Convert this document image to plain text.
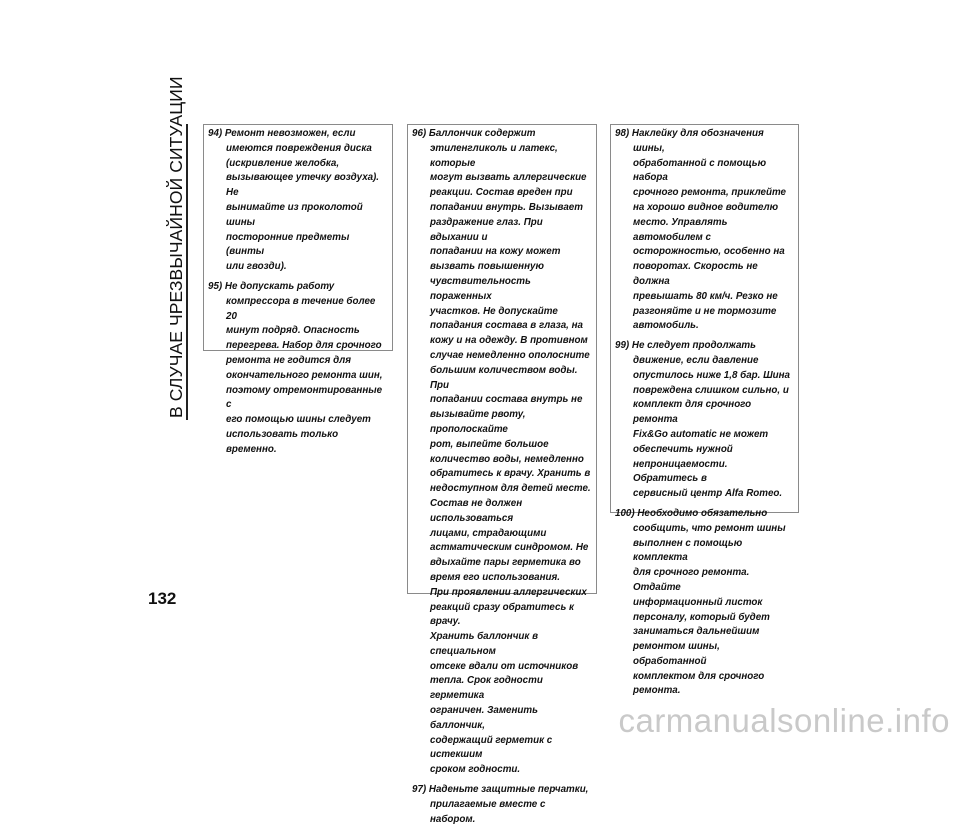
В СЛУЧАЕ ЧРЕЗВЫЧАЙНОЙ СИТУАЦИИ
132
94) Ремонт невозможен, если
имеются повреждения диска
(искривление желобка,
вызывающее утечку воздуха). Не
вынимайте из проколотой шины
посторонние предметы (винты
или гвозди).
95) Не допускать работу
компрессора в течение более 20
минут подряд. Опасность
перегрева. Набор для срочного
ремонта не годится для
окончательного ремонта шин,
поэтому отремонтированные с
его помощью шины следует
использовать только временно.
96) Баллончик содержит
этиленгликоль и латекс, которые
могут вызвать аллергические
реакции. Состав вреден при
попадании внутрь. Вызывает
раздражение глаз. При вдыхании и
попадании на кожу может
вызвать повышенную
чувствительность пораженных
участков. Не допускайте
попадания состава в глаза, на
кожу и на одежду. В противном
случае немедленно ополосните
большим количеством воды. При
попадании состава внутрь не
вызывайте рвоту, прополоскайте
рот, выпейте большое
количество воды, немедленно
обратитесь к врачу. Хранить в
недоступном для детей месте.
Состав не должен использоваться
лицами, страдающими
астматическим синдромом. Не
вдыхайте пары герметика во
время его использования.
При проявлении аллергических
реакций сразу обратитесь к врачу.
Хранить баллончик в специальном
отсеке вдали от источников
тепла. Срок годности герметика
ограничен. Заменить баллончик,
содержащий герметик с истекшим
сроком годности.
97) Наденьте защитные перчатки,
прилагаемые вместе с набором.
98) Наклейку для обозначения шины,
обработанной с помощью набора
срочного ремонта, приклейте
на хорошо видное водителю
место. Управлять автомобилем с
осторожностью, особенно на
поворотах. Скорость не должна
превышать 80 км/ч. Резко не
разгоняйте и не тормозите
автомобиль.
99) Не следует продолжать
движение, если давление
опустилось ниже 1,8 бар. Шина
повреждена слишком сильно, и
комплект для срочного ремонта
Fix&Go automatic не может
обеспечить нужной
непроницаемости. Обратитесь в
сервисный центр Alfa Romeo.
100) Необходимо обязательно
сообщить, что ремонт шины
выполнен с помощью комплекта
для срочного ремонта. Отдайте
информационный листок
персоналу, который будет
заниматься дальнейшим
ремонтом шины, обработанной
комплектом для срочного
ремонта.
carmanualsonline.info
